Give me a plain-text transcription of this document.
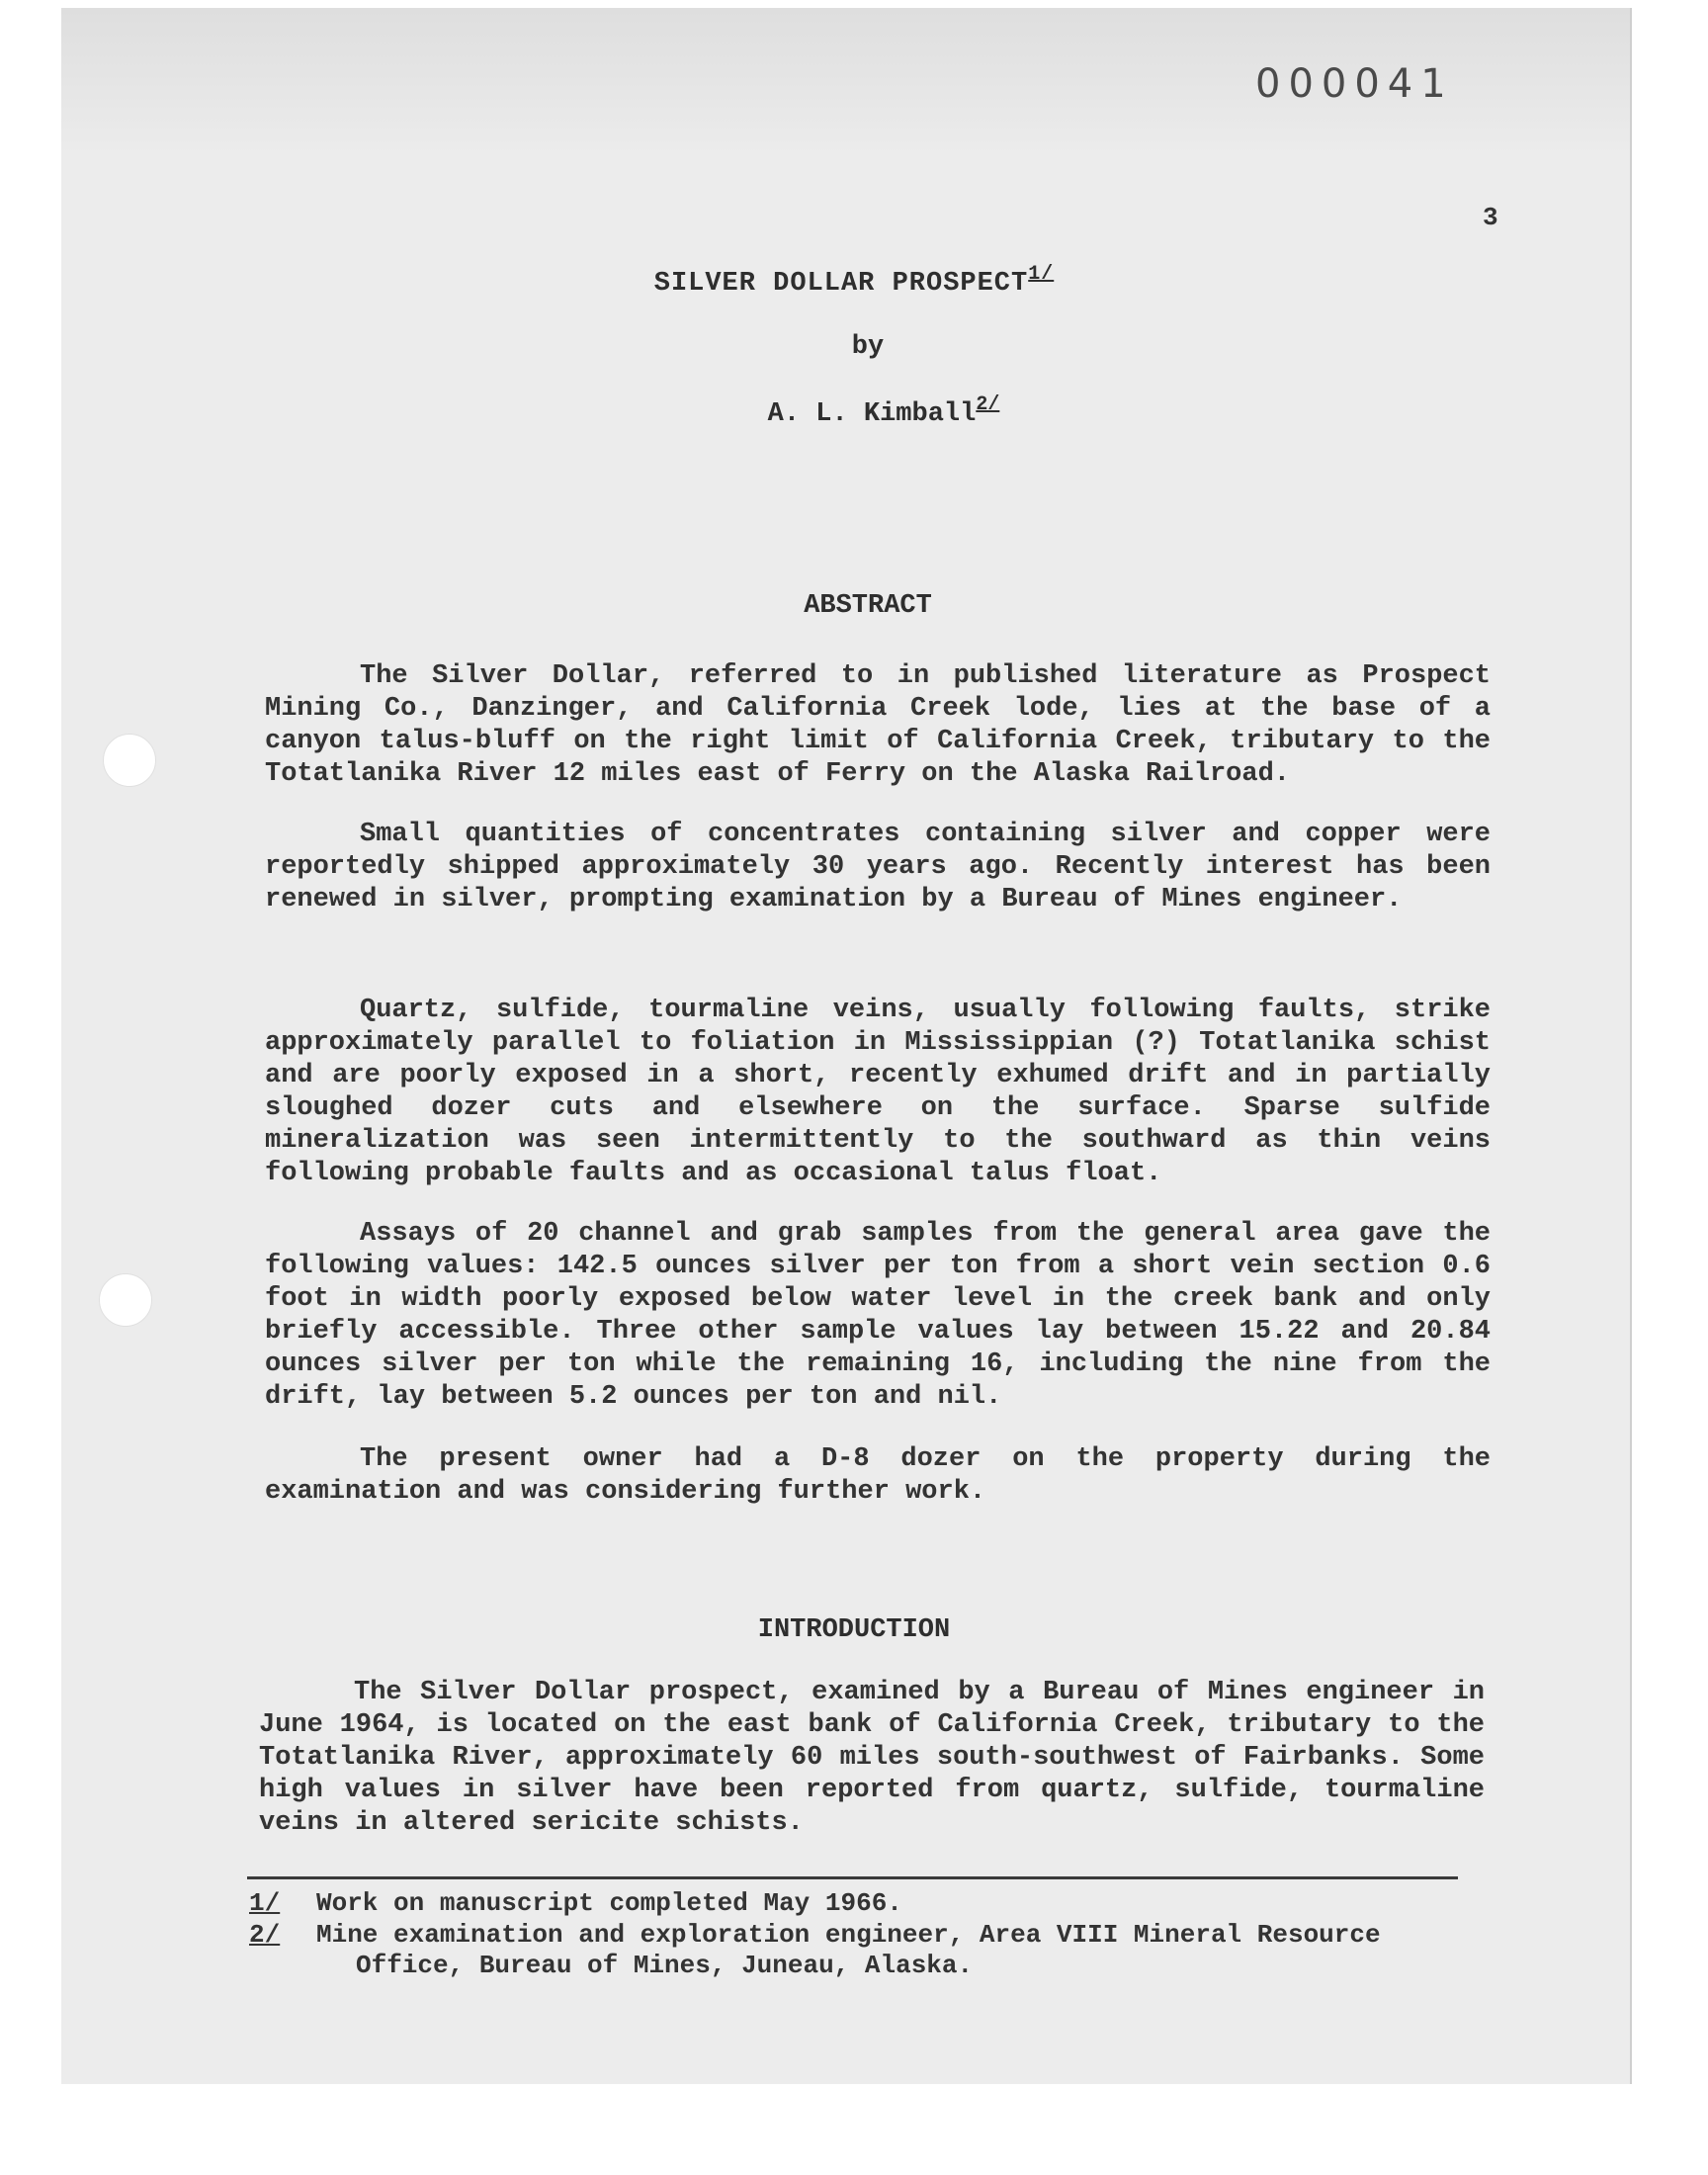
000041
3
SILVER DOLLAR PROSPECT$^{1/}$
by
A. L. Kimball$^{2/}$
ABSTRACT

The Silver Dollar, referred to in published literature as Prospect Mining Co., Danzinger, and California Creek lode, lies at the base of a canyon talus-bluff on the right limit of California Creek, tributary to the Totatlanika River 12 miles east of Ferry on the Alaska Railroad.

Small quantities of concentrates containing silver and copper were reportedly shipped approximately 30 years ago. Recently interest has been renewed in silver, prompting examination by a Bureau of Mines engineer.

Quartz, sulfide, tourmaline veins, usually following faults, strike approximately parallel to foliation in Mississippian (?) Totatlanika schist and are poorly exposed in a short, recently exhumed drift and in partially sloughed dozer cuts and elsewhere on the surface. Sparse sulfide mineralization was seen intermittently to the southward as thin veins following probable faults and as occasional talus float.

Assays of 20 channel and grab samples from the general area gave the following values: 142.5 ounces silver per ton from a short vein section 0.6 foot in width poorly exposed below water level in the creek bank and only briefly accessible. Three other sample values lay between 15.22 and 20.84 ounces silver per ton while the remaining 16, including the nine from the drift, lay between 5.2 ounces per ton and nil.

The present owner had a D-8 dozer on the property during the examination and was considering further work.

INTRODUCTION

The Silver Dollar prospect, examined by a Bureau of Mines engineer in June 1964, is located on the east bank of California Creek, tributary to the Totatlanika River, approximately 60 miles south-southwest of Fairbanks. Some high values in silver have been reported from quartz, sulfide, tourmaline veins in altered sericite schists.

1/	Work on manuscript completed May 1966.
2/	Mine examination and exploration engineer, Area VIII Mineral Resource
Office, Bureau of Mines, Juneau, Alaska.
